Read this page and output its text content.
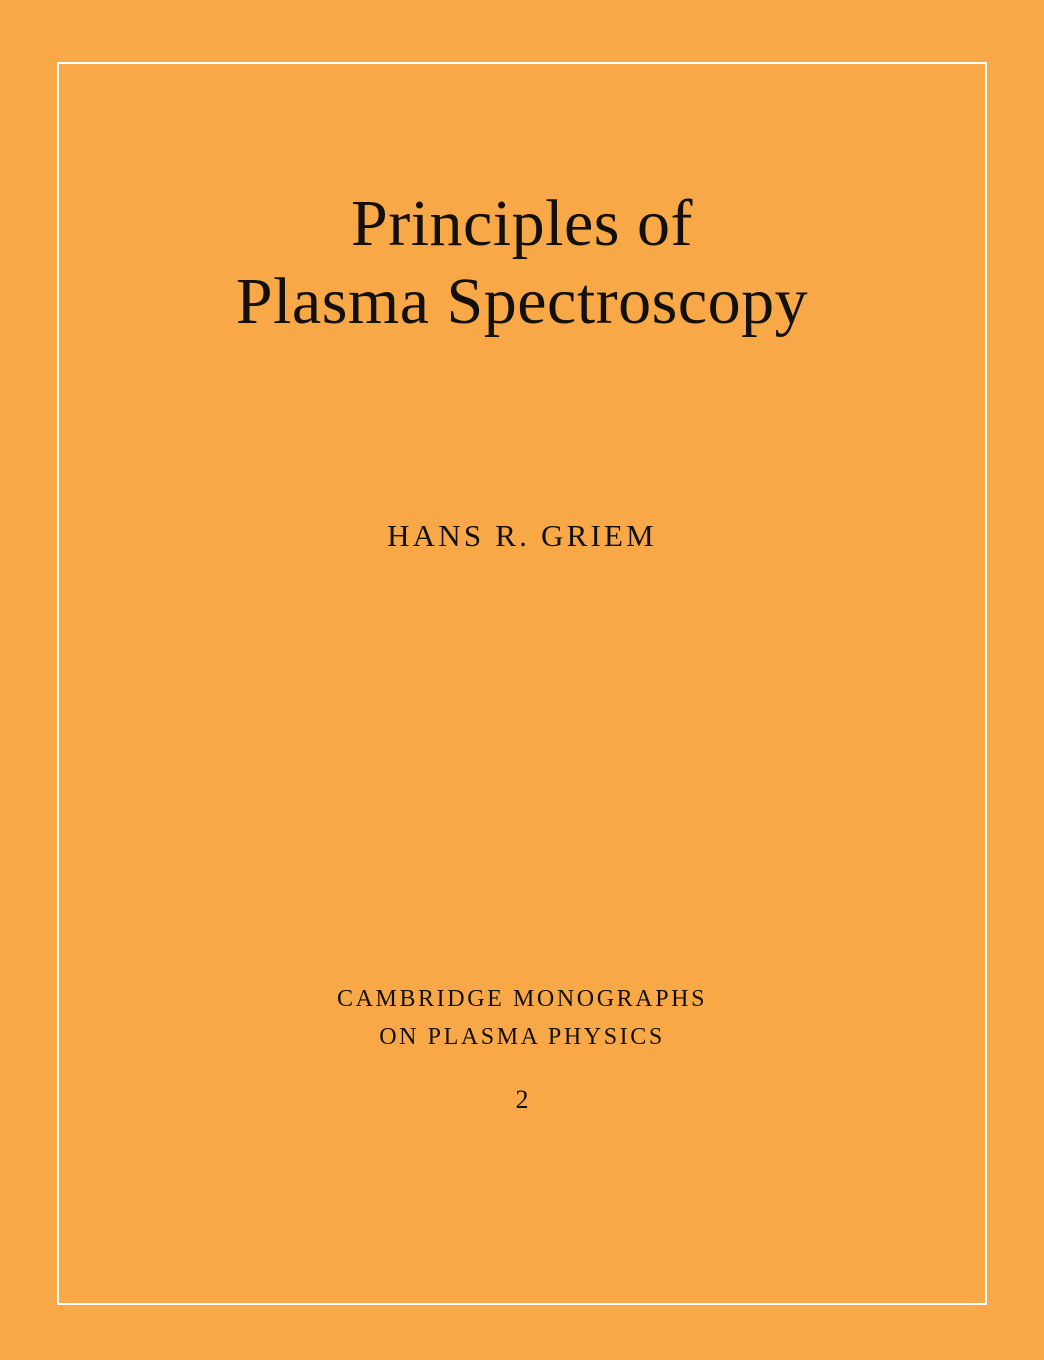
Principles of
Plasma Spectroscopy
HANS R. GRIEM
CAMBRIDGE MONOGRAPHS
ON PLASMA PHYSICS
2
